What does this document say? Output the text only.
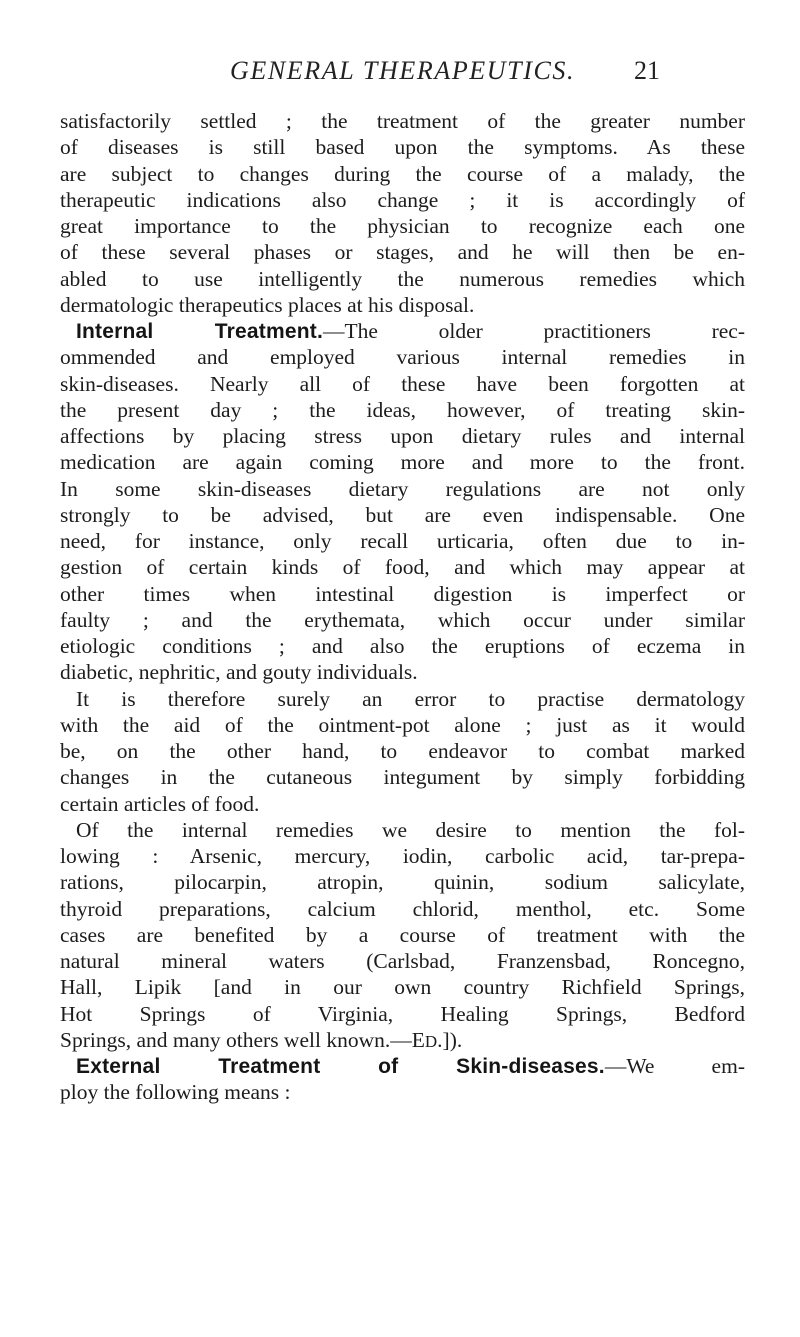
GENERAL THERAPEUTICS. 21
satisfactorily settled ; the treatment of the greater number
of diseases is still based upon the symptoms. As these
are subject to changes during the course of a malady, the
therapeutic indications also change ; it is accordingly of
great importance to the physician to recognize each one
of these several phases or stages, and he will then be en-
abled to use intelligently the numerous remedies which
dermatologic therapeutics places at his disposal.
Internal Treatment.—The older practitioners rec-
ommended and employed various internal remedies in
skin-diseases. Nearly all of these have been forgotten at
the present day ; the ideas, however, of treating skin-
affections by placing stress upon dietary rules and internal
medication are again coming more and more to the front.
In some skin-diseases dietary regulations are not only
strongly to be advised, but are even indispensable. One
need, for instance, only recall urticaria, often due to in-
gestion of certain kinds of food, and which may appear at
other times when intestinal digestion is imperfect or
faulty ; and the erythemata, which occur under similar
etiologic conditions ; and also the eruptions of eczema in
diabetic, nephritic, and gouty individuals.
It is therefore surely an error to practise dermatology
with the aid of the ointment-pot alone ; just as it would
be, on the other hand, to endeavor to combat marked
changes in the cutaneous integument by simply forbidding
certain articles of food.
Of the internal remedies we desire to mention the fol-
lowing : Arsenic, mercury, iodin, carbolic acid, tar-prepa-
rations, pilocarpin, atropin, quinin, sodium salicylate,
thyroid preparations, calcium chlorid, menthol, etc. Some
cases are benefited by a course of treatment with the
natural mineral waters (Carlsbad, Franzensbad, Roncegno,
Hall, Lipik [and in our own country Richfield Springs,
Hot Springs of Virginia, Healing Springs, Bedford
Springs, and many others well known.—ED.]).
External Treatment of Skin-diseases.—We em-
ploy the following means :
